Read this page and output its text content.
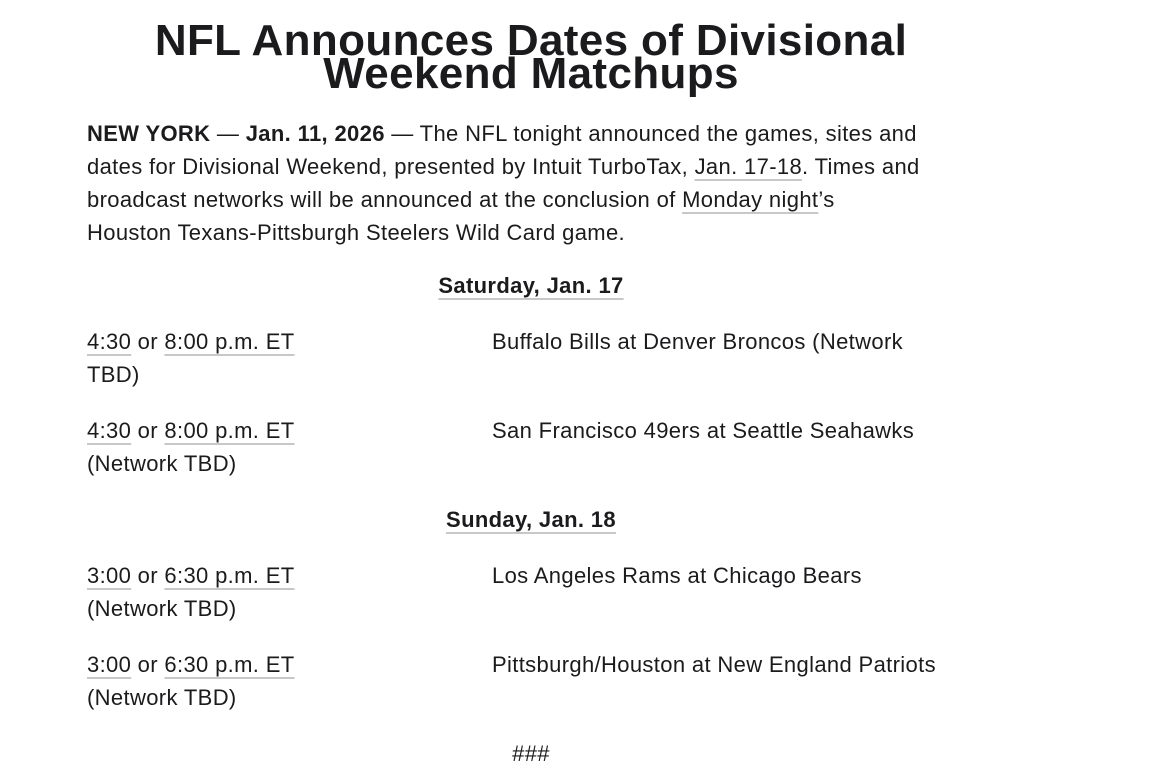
NFL Announces Dates of Divisional Weekend Matchups
NEW YORK — Jan. 11, 2026 — The NFL tonight announced the games, sites and
dates for Divisional Weekend, presented by Intuit TurboTax, Jan. 17-18. Times and
broadcast networks will be announced at the conclusion of Monday night’s
Houston Texans-Pittsburgh Steelers Wild Card game.
Saturday, Jan. 17
4:30 or 8:00 p.m. ET	Buffalo Bills at Denver Broncos (Network
TBD)
4:30 or 8:00 p.m. ET	San Francisco 49ers at Seattle Seahawks
(Network TBD)
Sunday, Jan. 18
3:00 or 6:30 p.m. ET	Los Angeles Rams at Chicago Bears
(Network TBD)
3:00 or 6:30 p.m. ET	Pittsburgh/Houston at New England Patriots
(Network TBD)
###
